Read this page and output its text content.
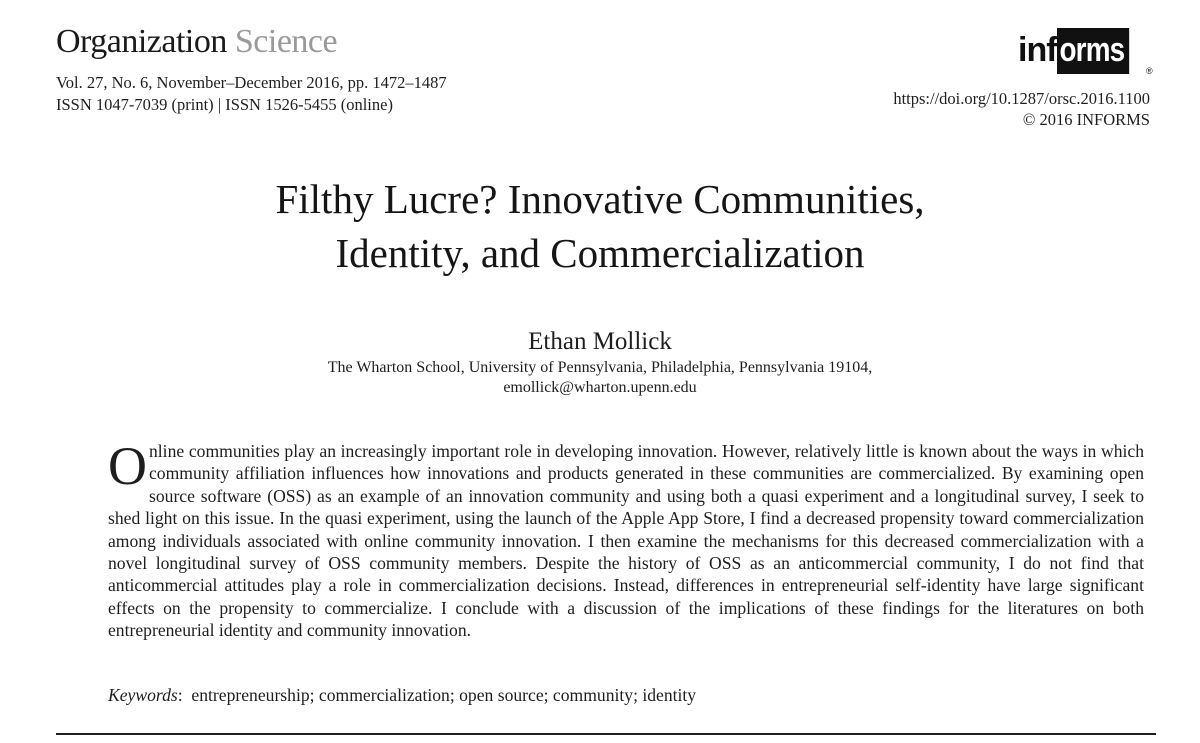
Organization Science
Vol. 27, No. 6, November–December 2016, pp. 1472–1487
ISSN 1047-7039 (print) | ISSN 1526-5455 (online)
informs
®
https://doi.org/10.1287/orsc.2016.1100
© 2016 INFORMS
Filthy Lucre? Innovative Communities,
Identity, and Commercialization
Ethan Mollick
The Wharton School, University of Pennsylvania, Philadelphia, Pennsylvania 19104,
emollick@wharton.upenn.edu

Online communities play an increasingly important role in developing innovation. However, relatively little is known about the ways in which community affiliation influences how innovations and products generated in these communities are commercialized. By examining open source software (OSS) as an example of an innovation community and using both a quasi experiment and a longitudinal survey, I seek to shed light on this issue. In the quasi experiment, using the launch of the Apple App Store, I find a decreased propensity toward commercialization among individuals associated with online community innovation. I then examine the mechanisms for this decreased commercialization with a novel longitudinal survey of OSS community members. Despite the history of OSS as an anticommercial community, I do not find that anticommercial attitudes play a role in commercialization decisions. Instead, differences in entrepreneurial self-identity have large significant effects on the propensity to commercialize. I conclude with a discussion of the implications of these findings for the literatures on both entrepreneurial identity and community innovation.

Keywords: entrepreneurship; commercialization; open source; community; identity
